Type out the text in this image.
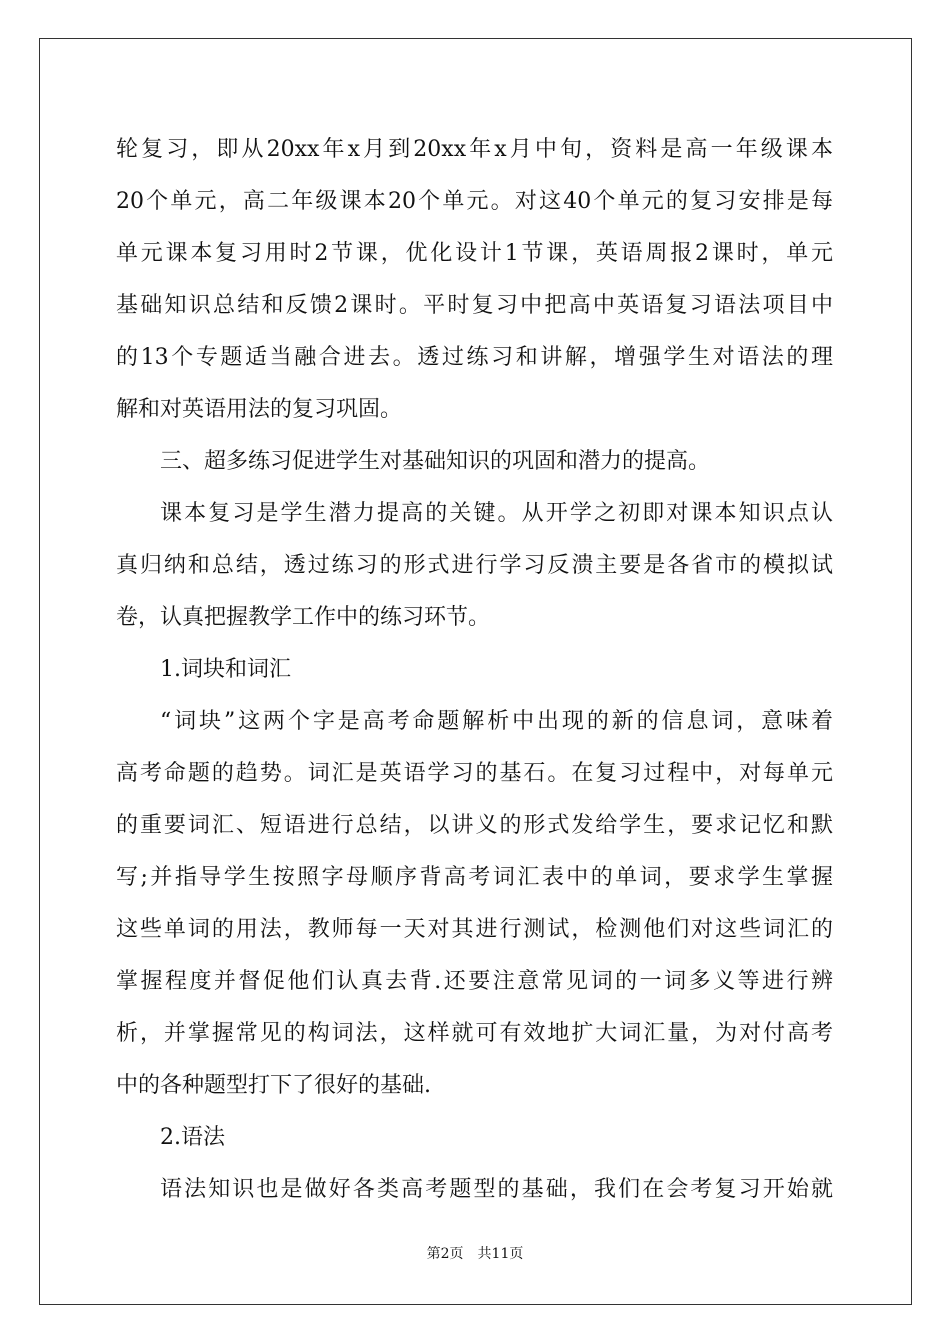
轮复习，即从20xx年x月到20xx年x月中旬，资料是高一年级课本
20个单元，高二年级课本20个单元。对这40个单元的复习安排是每
单元课本复习用时2节课，优化设计1节课，英语周报2课时，单元
基础知识总结和反馈2课时。平时复习中把高中英语复习语法项目中
的13个专题适当融合进去。透过练习和讲解，增强学生对语法的理
解和对英语用法的复习巩固。
三、超多练习促进学生对基础知识的巩固和潜力的提高。
课本复习是学生潜力提高的关键。从开学之初即对课本知识点认
真归纳和总结，透过练习的形式进行学习反溃主要是各省市的模拟试
卷，认真把握教学工作中的练习环节。
1.词块和词汇
“词块”这两个字是高考命题解析中出现的新的信息词，意味着
高考命题的趋势。词汇是英语学习的基石。在复习过程中，对每单元
的重要词汇、短语进行总结，以讲义的形式发给学生，要求记忆和默
写;并指导学生按照字母顺序背高考词汇表中的单词，要求学生掌握
这些单词的用法，教师每一天对其进行测试，检测他们对这些词汇的
掌握程度并督促他们认真去背.还要注意常见词的一词多义等进行辨
析，并掌握常见的构词法，这样就可有效地扩大词汇量，为对付高考
中的各种题型打下了很好的基础.
2.语法
语法知识也是做好各类高考题型的基础，我们在会考复习开始就
第2页　共11页
